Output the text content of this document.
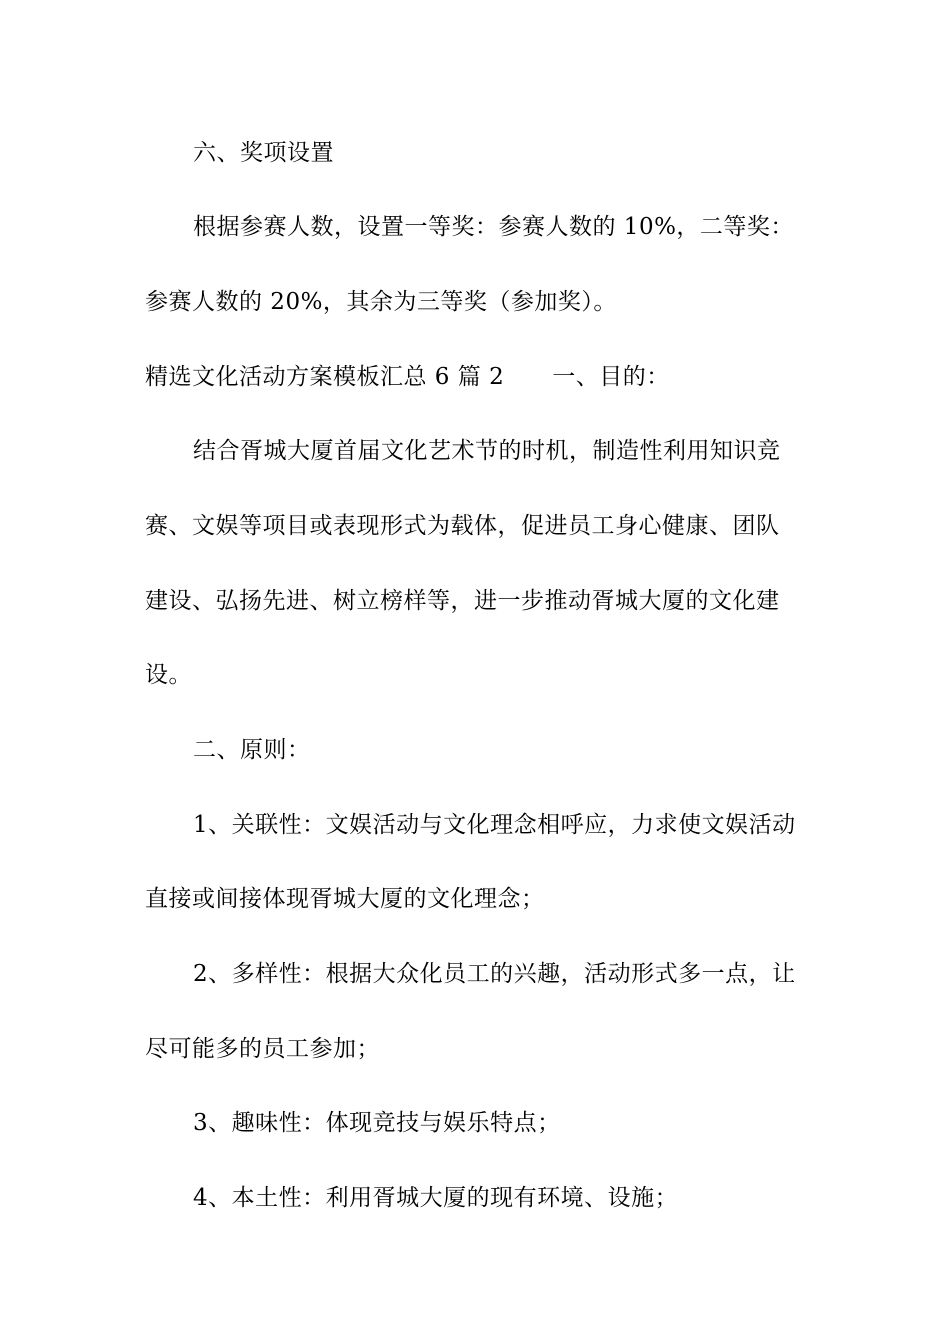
六、奖项设置
根据参赛人数，设置一等奖：参赛人数的 10%，二等奖：
参赛人数的 20%，其余为三等奖（参加奖）。
精选文化活动方案模板汇总 6 篇 2 一、目的：
结合胥城大厦首届文化艺术节的时机，制造性利用知识竞
赛、文娱等项目或表现形式为载体，促进员工身心健康、团队
建设、弘扬先进、树立榜样等，进一步推动胥城大厦的文化建
设。
二、原则：
1、关联性：文娱活动与文化理念相呼应，力求使文娱活动
直接或间接体现胥城大厦的文化理念；
2、多样性：根据大众化员工的兴趣，活动形式多一点，让
尽可能多的员工参加；
3、趣味性：体现竞技与娱乐特点；
4、本土性：利用胥城大厦的现有环境、设施；
